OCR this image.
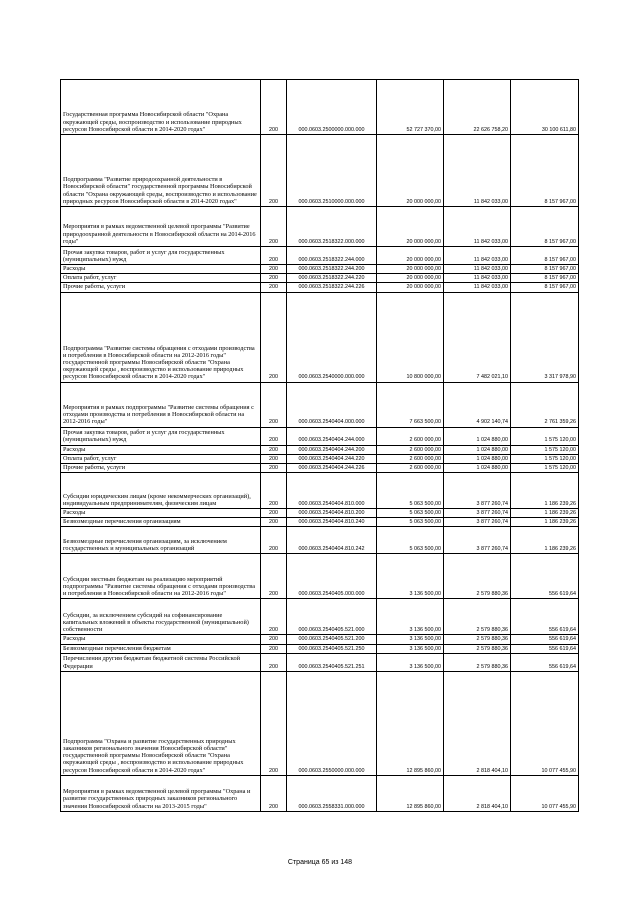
Государственная программа Новосибирской области "Охрана окружающей среды, воспроизводство и использование природных ресурсов Новосибирской области в 2014-2020 годах"	200	000.0603.2500000.000.000	52 727 370,00	22 626 758,20	30 100 611,80
Подпрограмма "Развитие природоохранной деятельности в Новосибирской области" государственной программы Новосибирской области "Охрана окружающей среды, воспроизводство и использование природных ресурсов Новосибирской области в 2014-2020 годах"	200	000.0603.2510000.000.000	20 000 000,00	11 842 033,00	8 157 967,00
Мероприятия в рамках ведомственной целевой программы "Развитие природоохранной деятельности в Новосибирской области на 2014-2016 годы"	200	000.0603.2518322.000.000	20 000 000,00	11 842 033,00	8 157 967,00
Прочая закупка товаров, работ и услуг для государственных (муниципальных) нужд	200	000.0603.2518322.244.000	20 000 000,00	11 842 033,00	8 157 967,00
Расходы	200	000.0603.2518322.244.200	20 000 000,00	11 842 033,00	8 157 967,00
Оплата работ, услуг	200	000.0603.2518322.244.220	20 000 000,00	11 842 033,00	8 157 967,00
Прочие работы, услуги	200	000.0603.2518322.244.226	20 000 000,00	11 842 033,00	8 157 967,00
Подпрограмма "Развитие системы обращения с отходами производства и потребления в Новосибирской области на 2012-2016 годы" государственной программы Новосибирской области "Охрана окружающей среды , воспроизводство и использование природных ресурсов Новосибирской области в 2014-2020 годах"	200	000.0603.2540000.000.000	10 800 000,00	7 482 021,10	3 317 978,90
Мероприятия в рамках подпрограммы "Развитие системы обращения с отходами производства и потребления в Новосибирской области на 2012-2016 годы"	200	000.0603.2540404.000.000	7 663 500,00	4 902 140,74	2 761 359,26
Прочая закупка товаров, работ и услуг для государственных (муниципальных) нужд	200	000.0603.2540404.244.000	2 600 000,00	1 024 880,00	1 575 120,00
Расходы	200	000.0603.2540404.244.200	2 600 000,00	1 024 880,00	1 575 120,00
Оплата работ, услуг	200	000.0603.2540404.244.220	2 600 000,00	1 024 880,00	1 575 120,00
Прочие работы, услуги	200	000.0603.2540404.244.226	2 600 000,00	1 024 880,00	1 575 120,00
Субсидии юридическим лицам (кроме некоммерческих организаций), индивидуальным предпринимателям, физическим лицам	200	000.0603.2540404.810.000	5 063 500,00	3 877 260,74	1 186 239,26
Расходы	200	000.0603.2540404.810.200	5 063 500,00	3 877 260,74	1 186 239,26
Безвозмездные перечисления организациям	200	000.0603.2540404.810.240	5 063 500,00	3 877 260,74	1 186 239,26
Безвозмездные перечисления организациям, за исключением государственных и муниципальных организаций	200	000.0603.2540404.810.242	5 063 500,00	3 877 260,74	1 186 239,26
Субсидии местным бюджетам на реализацию мероприятий подпрограммы "Развитие системы обращения с отходами производства и потребления в Новосибирской области на 2012-2016 годы"	200	000.0603.2540405.000.000	3 136 500,00	2 579 880,36	556 619,64
Субсидии, за исключением субсидий на софинансирование капитальных вложений в объекты государственной (муниципальной) собственности	200	000.0603.2540405.521.000	3 136 500,00	2 579 880,36	556 619,64
Расходы	200	000.0603.2540405.521.200	3 136 500,00	2 579 880,36	556 619,64
Безвозмездные перечисления бюджетам	200	000.0603.2540405.521.250	3 136 500,00	2 579 880,36	556 619,64
Перечисления другим бюджетам бюджетной системы Российской Федерации	200	000.0603.2540405.521.251	3 136 500,00	2 579 880,36	556 619,64
Подпрограмма "Охрана и развитие государственных природных заказников регионального значения Новосибирской области" государственной программы Новосибирской области "Охрана окружающей среды , воспроизводство и использование природных ресурсов Новосибирской области в 2014-2020 годах"	200	000.0603.2550000.000.000	12 895 860,00	2 818 404,10	10 077 455,90
Мероприятия в рамках ведомственной целевой программы "Охрана и развитие государственных природных заказников регионального значения Новосибирской области на 2013-2015 годы"	200	000.0603.2558331.000.000	12 895 860,00	2 818 404,10	10 077 455,90
Страница 65 из 148
